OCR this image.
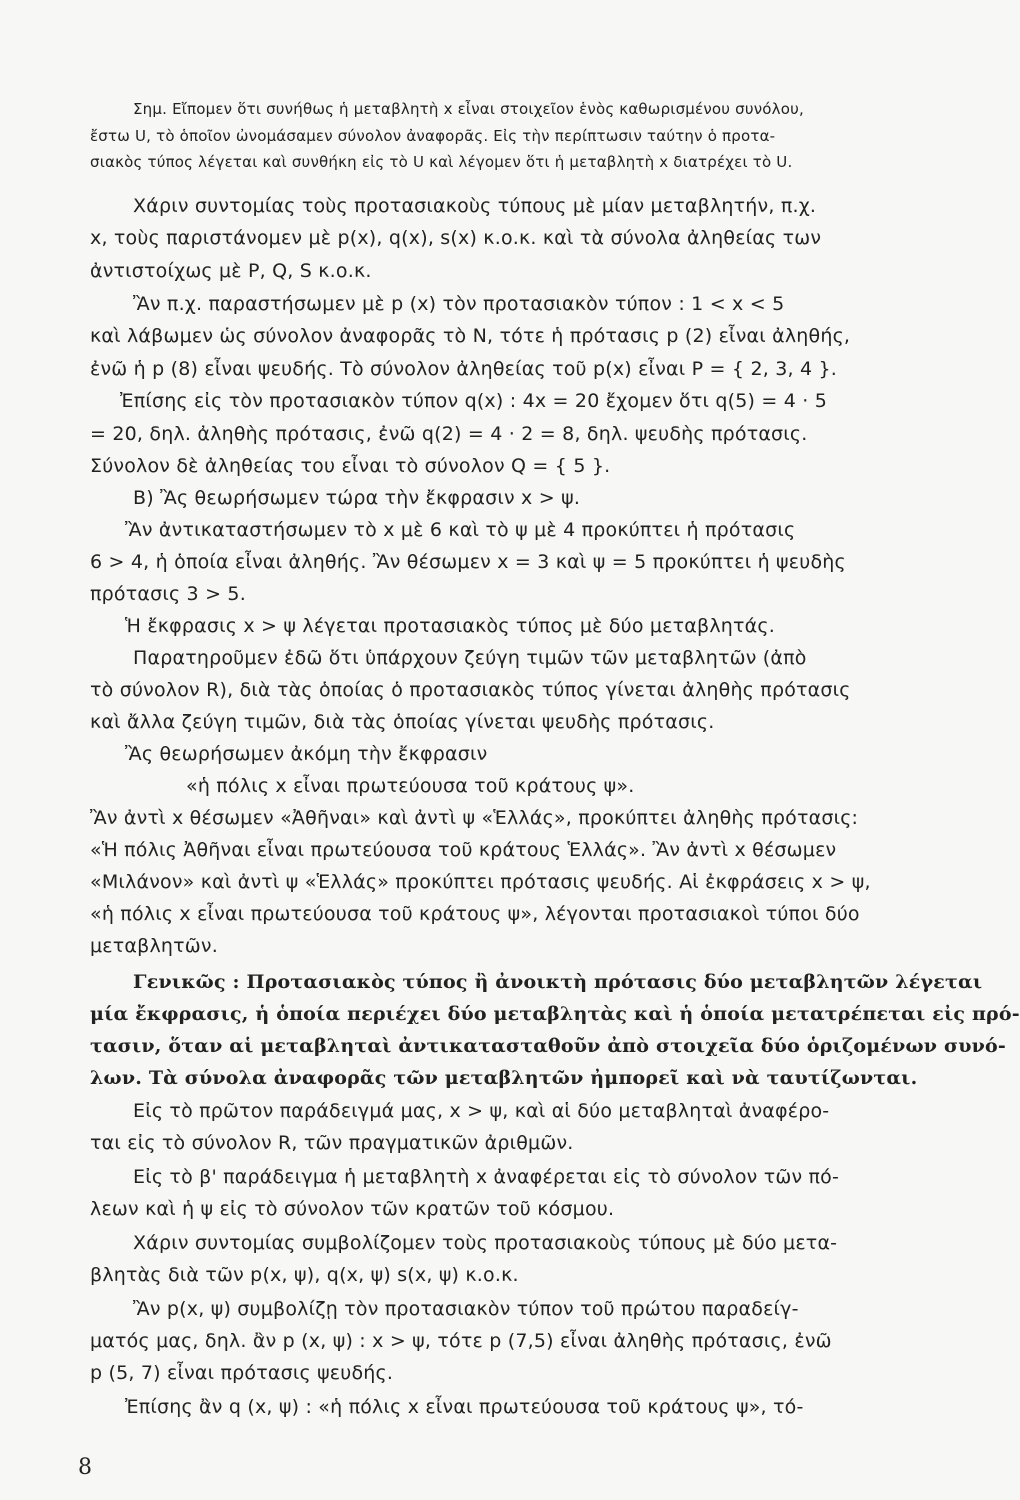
Σημ. Εἴπομεν ὅτι συνήθως ἡ μεταβλητὴ x εἶναι στοιχεῖον ἑνὸς καθωρισμένου συνόλου,
ἔστω U, τὸ ὁποῖον ὠνομάσαμεν σύνολον ἀναφορᾶς. Εἰς τὴν περίπτωσιν ταύτην ὁ προτα-
σιακὸς τύπος λέγεται καὶ συνθήκη εἰς τὸ U καὶ λέγομεν ὅτι ἡ μεταβλητὴ x διατρέχει τὸ U.
Χάριν συντομίας τοὺς προτασιακοὺς τύπους μὲ μίαν μεταβλητήν, π.χ.
x, τοὺς παριστάνομεν μὲ p(x), q(x), s(x) κ.ο.κ. καὶ τὰ σύνολα ἀληθείας των
ἀντιστοίχως μὲ P, Q, S κ.ο.κ.
Ἂν π.χ. παραστήσωμεν μὲ p (x) τὸν προτασιακὸν τύπον : 1 < x < 5
καὶ λάβωμεν ὡς σύνολον ἀναφορᾶς τὸ N, τότε ἡ πρότασις p (2) εἶναι ἀληθής,
ἐνῶ ἡ p (8) εἶναι ψευδής. Τὸ σύνολον ἀληθείας τοῦ p(x) εἶναι P = { 2, 3, 4 }.
Ἐπίσης εἰς τὸν προτασιακὸν τύπον q(x) : 4x = 20 ἔχομεν ὅτι q(5) = 4 · 5
= 20, δηλ. ἀληθὴς πρότασις, ἐνῶ q(2) = 4 · 2 = 8, δηλ. ψευδὴς πρότασις.
Σύνολον δὲ ἀληθείας του εἶναι τὸ σύνολον Q = { 5 }.
B) Ἂς θεωρήσωμεν τώρα τὴν ἔκφρασιν x > ψ.
Ἂν ἀντικαταστήσωμεν τὸ x μὲ 6 καὶ τὸ ψ μὲ 4 προκύπτει ἡ πρότασις
6 > 4, ἡ ὁποία εἶναι ἀληθής. Ἂν θέσωμεν x = 3 καὶ ψ = 5 προκύπτει ἡ ψευδὴς
πρότασις 3 > 5.
Ἡ ἔκφρασις x > ψ λέγεται προτασιακὸς τύπος μὲ δύο μεταβλητάς.
Παρατηροῦμεν ἐδῶ ὅτι ὑπάρχουν ζεύγη τιμῶν τῶν μεταβλητῶν (ἀπὸ
τὸ σύνολον R), διὰ τὰς ὁποίας ὁ προτασιακὸς τύπος γίνεται ἀληθὴς πρότασις
καὶ ἄλλα ζεύγη τιμῶν, διὰ τὰς ὁποίας γίνεται ψευδὴς πρότασις.
Ἂς θεωρήσωμεν ἀκόμη τὴν ἔκφρασιν
«ἡ πόλις x εἶναι πρωτεύουσα τοῦ κράτους ψ».
Ἂν ἀντὶ x θέσωμεν «Ἀθῆναι» καὶ ἀντὶ ψ «Ἑλλάς», προκύπτει ἀληθὴς πρότασις:
«Ἡ πόλις Ἀθῆναι εἶναι πρωτεύουσα τοῦ κράτους Ἑλλάς». Ἂν ἀντὶ x θέσωμεν
«Μιλάνον» καὶ ἀντὶ ψ «Ἑλλάς» προκύπτει πρότασις ψευδής. Αἱ ἐκφράσεις x > ψ,
«ἡ πόλις x εἶναι πρωτεύουσα τοῦ κράτους ψ», λέγονται προτασιακοὶ τύποι δύο
μεταβλητῶν.
Γενικῶς : Προτασιακὸς τύπος ἢ ἀνοικτὴ πρότασις δύο μεταβλητῶν λέγεται
μία ἔκφρασις, ἡ ὁποία περιέχει δύο μεταβλητὰς καὶ ἡ ὁποία μετατρέπεται εἰς πρό-
τασιν, ὅταν αἱ μεταβληταὶ ἀντικατασταθοῦν ἀπὸ στοιχεῖα δύο ὁριζομένων συνό-
λων. Τὰ σύνολα ἀναφορᾶς τῶν μεταβλητῶν ἠμπορεῖ καὶ νὰ ταυτίζωνται.
Εἰς τὸ πρῶτον παράδειγμά μας, x > ψ, καὶ αἱ δύο μεταβληταὶ ἀναφέρο-
ται εἰς τὸ σύνολον R, τῶν πραγματικῶν ἀριθμῶν.
Εἰς τὸ β' παράδειγμα ἡ μεταβλητὴ x ἀναφέρεται εἰς τὸ σύνολον τῶν πό-
λεων καὶ ἡ ψ εἰς τὸ σύνολον τῶν κρατῶν τοῦ κόσμου.
Χάριν συντομίας συμβολίζομεν τοὺς προτασιακοὺς τύπους μὲ δύο μετα-
βλητὰς διὰ τῶν p(x, ψ), q(x, ψ) s(x, ψ) κ.ο.κ.
Ἂν p(x, ψ) συμβολίζῃ τὸν προτασιακὸν τύπον τοῦ πρώτου παραδείγ-
ματός μας, δηλ. ἂν p (x, ψ) : x > ψ, τότε p (7,5) εἶναι ἀληθὴς πρότασις, ἐνῶ
p (5, 7) εἶναι πρότασις ψευδής.
Ἐπίσης ἂν q (x, ψ) : «ἡ πόλις x εἶναι πρωτεύουσα τοῦ κράτους ψ», τό-
8
